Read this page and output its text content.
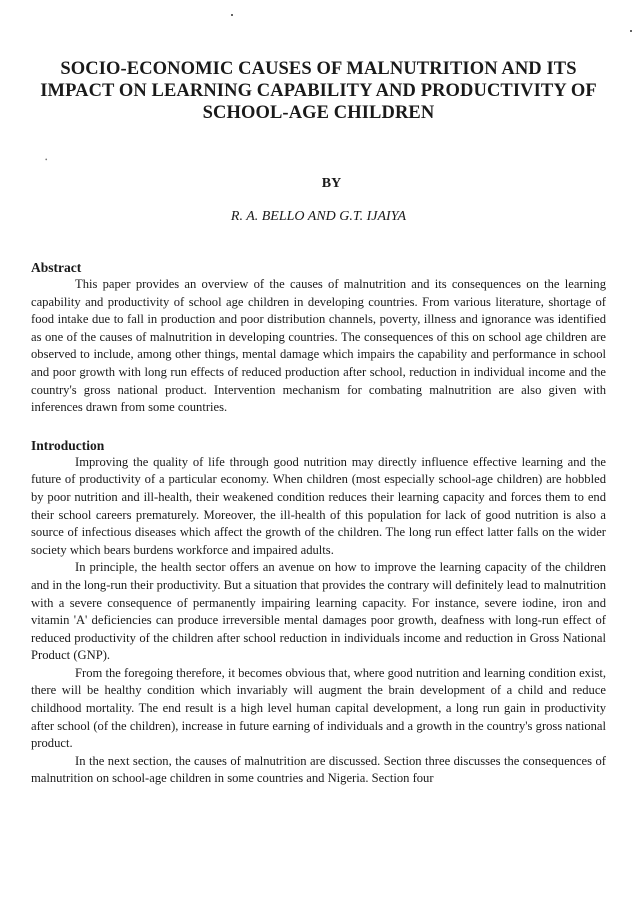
•
SOCIO-ECONOMIC CAUSES OF MALNUTRITION AND ITS
IMPACT ON LEARNING CAPABILITY AND PRODUCTIVITY OF
SCHOOL-AGE CHILDREN
BY
R. A. BELLO AND G.T. IJAIYA
Abstract

This paper provides an overview of the causes of malnutrition and its consequences on the learning capability and productivity of school age children in developing countries. From various literature, shortage of food intake due to fall in production and poor distribution channels, poverty, illness and ignorance was identified as one of the causes of malnutrition in developing countries. The consequences of this on school age children are observed to include, among other things, mental damage which impairs the capability and performance in school and poor growth with long run effects of reduced production after school, reduction in individual income and the country's gross national product. Intervention mechanism for combating malnutrition are also given with inferences drawn from some countries.

Introduction

Improving the quality of life through good nutrition may directly influence effective learning and the future of productivity of a particular economy. When children (most especially school-age children) are hobbled by poor nutrition and ill-health, their weakened condition reduces their learning capacity and forces them to end their school careers prematurely. Moreover, the ill-health of this population for lack of good nutrition is also a source of infectious diseases which affect the growth of the children. The long run effect latter falls on the wider society which bears burdens workforce and impaired adults.

In principle, the health sector offers an avenue on how to improve the learning capacity of the children and in the long-run their productivity. But a situation that provides the contrary will definitely lead to malnutrition with a severe consequence of permanently impairing learning capacity. For instance, severe iodine, iron and vitamin 'A' deficiencies can produce irreversible mental damages poor growth, deafness with long-run effect of reduced productivity of the children after school reduction in individuals income and reduction in Gross National Product (GNP).

From the foregoing therefore, it becomes obvious that, where good nutrition and learning condition exist, there will be healthy condition which invariably will augment the brain development of a child and reduce childhood mortality. The end result is a high level human capital development, a long run gain in productivity after school (of the children), increase in future earning of individuals and a growth in the country's gross national product.

In the next section, the causes of malnutrition are discussed. Section three discusses the consequences of malnutrition on school-age children in some countries and Nigeria. Section four
